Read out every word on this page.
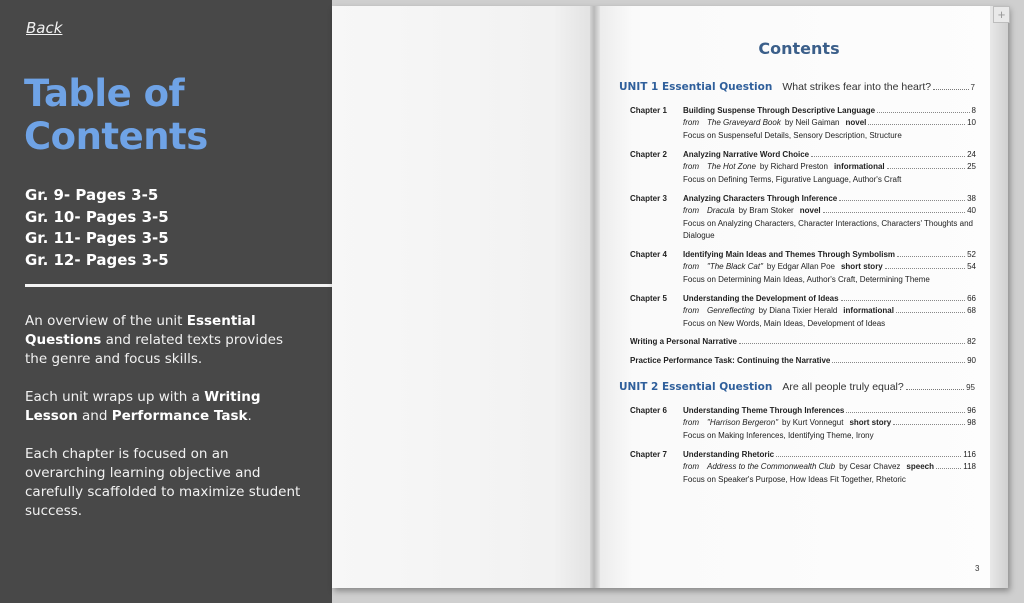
Back
Table of Contents
Gr. 9- Pages 3-5
Gr. 10- Pages 3-5
Gr. 11- Pages 3-5
Gr. 12- Pages 3-5

An overview of the unit Essential Questions and related texts provides the genre and focus skills.

Each unit wraps up with a Writing Lesson and Performance Task.

Each chapter is focused on an overarching learning objective and carefully scaffolded to maximize student success.

Contents
UNIT 1 Essential Question What strikes fear into the heart?	7
Chapter 1 Building Suspense Through Descriptive Language	8
from The Graveyard Book by Neil Gaiman novel	10
Focus on Suspenseful Details, Sensory Description, Structure
Chapter 2 Analyzing Narrative Word Choice	24
from The Hot Zone by Richard Preston informational	25
Focus on Defining Terms, Figurative Language, Author's Craft
Chapter 3 Analyzing Characters Through Inference	38
from Dracula by Bram Stoker novel	40
Focus on Analyzing Characters, Character Interactions, Characters' Thoughts and Dialogue
Chapter 4 Identifying Main Ideas and Themes Through Symbolism	52
from "The Black Cat" by Edgar Allan Poe short story	54
Focus on Determining Main Ideas, Author's Craft, Determining Theme
Chapter 5 Understanding the Development of Ideas	66
from Genreflecting by Diana Tixier Herald informational	68
Focus on New Words, Main Ideas, Development of Ideas
Writing a Personal Narrative	82
Practice Performance Task: Continuing the Narrative	90
UNIT 2 Essential Question Are all people truly equal?	95
Chapter 6 Understanding Theme Through Inferences	96
from "Harrison Bergeron" by Kurt Vonnegut short story	98
Focus on Making Inferences, Identifying Theme, Irony
Chapter 7 Understanding Rhetoric	116
from Address to the Commonwealth Club by Cesar Chavez speech	118
Focus on Speaker's Purpose, How Ideas Fit Together, Rhetoric
3
+
